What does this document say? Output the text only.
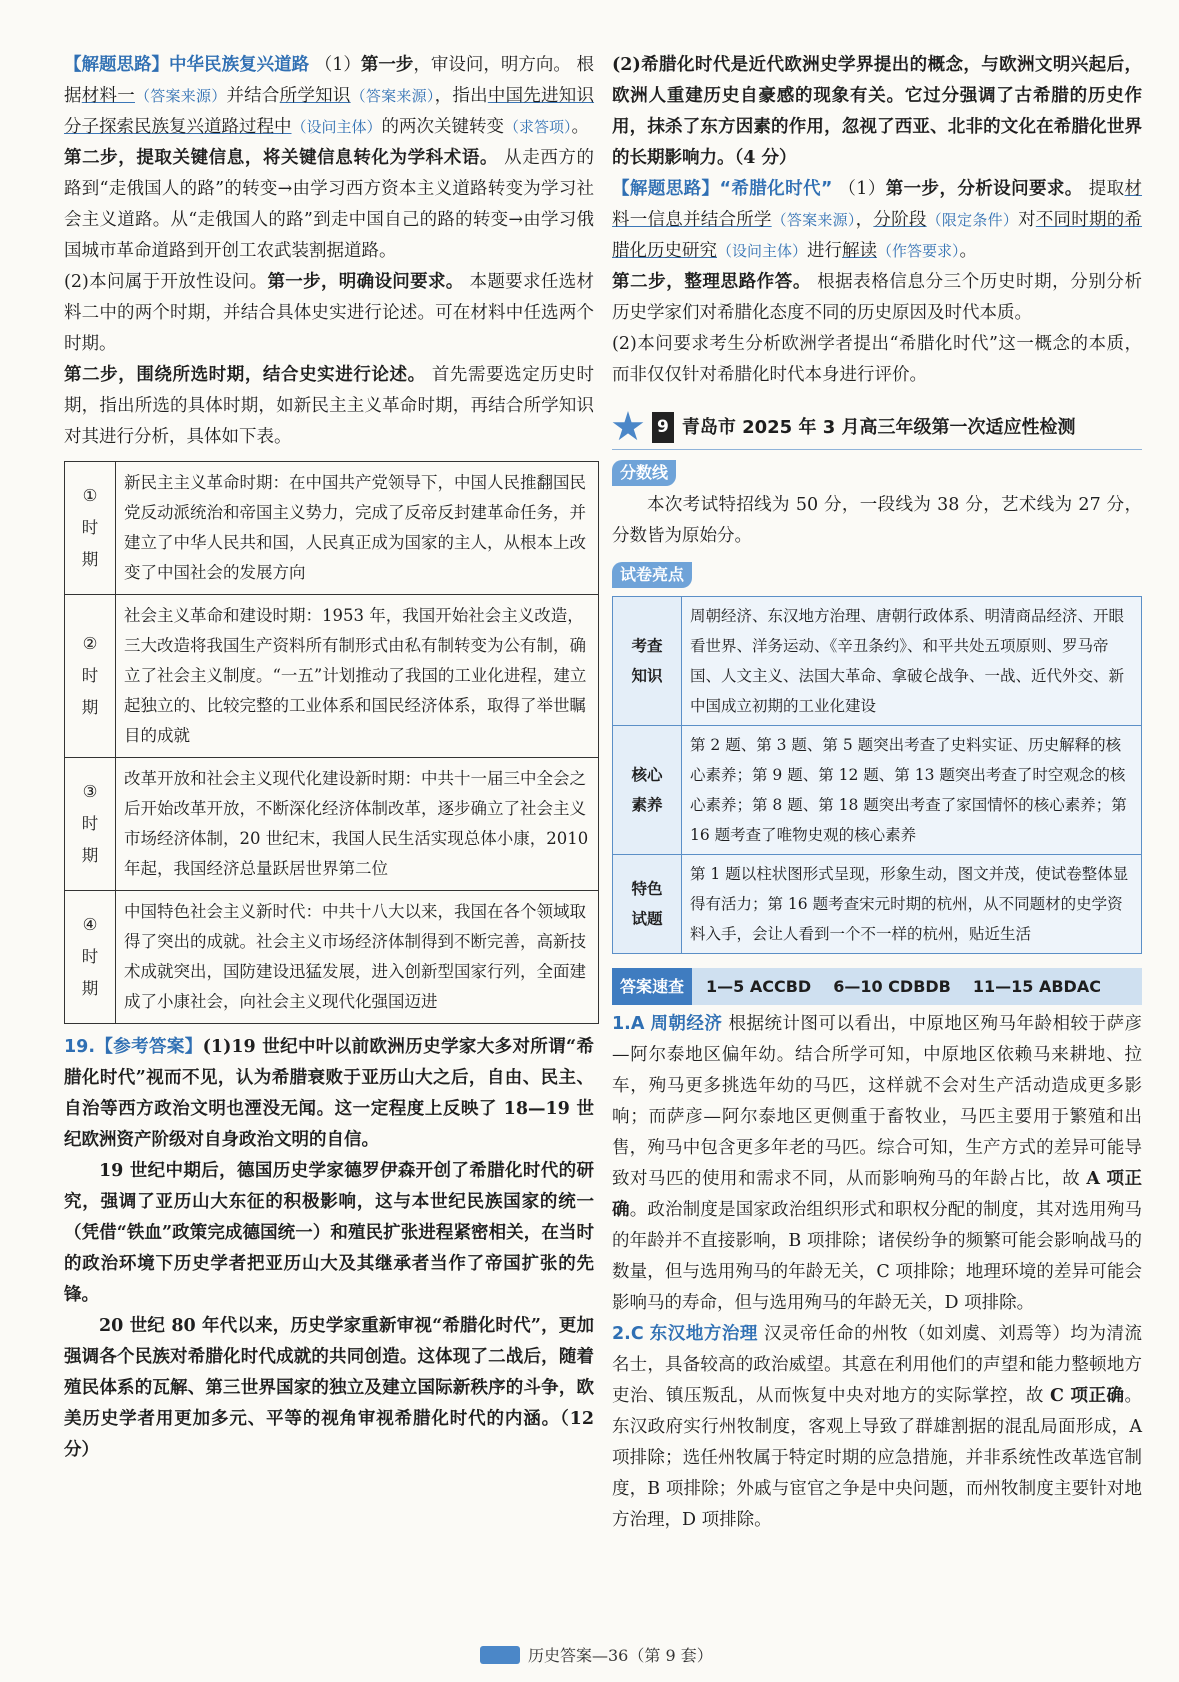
【解题思路】中华民族复兴道路 （1）第一步，审设问，明方向。 根据材料一（答案来源）并结合所学知识（答案来源），指出中国先进知识分子探索民族复兴道路过程中（设问主体）的两次关键转变（求答项）。

第二步，提取关键信息，将关键信息转化为学科术语。 从走西方的路到“走俄国人的路”的转变→由学习西方资本主义道路转变为学习社会主义道路。从“走俄国人的路”到走中国自己的路的转变→由学习俄国城市革命道路到开创工农武装割据道路。

(2)本问属于开放性设问。第一步，明确设问要求。 本题要求任选材料二中的两个时期，并结合具体史实进行论述。可在材料中任选两个时期。

第二步，围绕所选时期，结合史实进行论述。 首先需要选定历史时期，指出所选的具体时期，如新民主主义革命时期，再结合所学知识对其进行分析，具体如下表。

①
时
期	新民主主义革命时期：在中国共产党领导下，中国人民推翻国民党反动派统治和帝国主义势力，完成了反帝反封建革命任务，并建立了中华人民共和国，人民真正成为国家的主人，从根本上改变了中国社会的发展方向

②
时
期	社会主义革命和建设时期：1953 年，我国开始社会主义改造，三大改造将我国生产资料所有制形式由私有制转变为公有制，确立了社会主义制度。“一五”计划推动了我国的工业化进程，建立起独立的、比较完整的工业体系和国民经济体系，取得了举世瞩目的成就

③
时
期	改革开放和社会主义现代化建设新时期：中共十一届三中全会之后开始改革开放，不断深化经济体制改革，逐步确立了社会主义市场经济体制，20 世纪末，我国人民生活实现总体小康，2010 年起，我国经济总量跃居世界第二位

④
时
期	中国特色社会主义新时代：中共十八大以来，我国在各个领域取得了突出的成就。社会主义市场经济体制得到不断完善，高新技术成就突出，国防建设迅猛发展，进入创新型国家行列，全面建成了小康社会，向社会主义现代化强国迈进

19.【参考答案】(1)19 世纪中叶以前欧洲历史学家大多对所谓“希腊化时代”视而不见，认为希腊衰败于亚历山大之后，自由、民主、自治等西方政治文明也湮没无闻。这一定程度上反映了 18—19 世纪欧洲资产阶级对自身政治文明的自信。

19 世纪中期后，德国历史学家德罗伊森开创了希腊化时代的研究，强调了亚历山大东征的积极影响，这与本世纪民族国家的统一（凭借“铁血”政策完成德国统一）和殖民扩张进程紧密相关，在当时的政治环境下历史学者把亚历山大及其继承者当作了帝国扩张的先锋。

20 世纪 80 年代以来，历史学家重新审视“希腊化时代”，更加强调各个民族对希腊化时代成就的共同创造。这体现了二战后，随着殖民体系的瓦解、第三世界国家的独立及建立国际新秩序的斗争，欧美历史学者用更加多元、平等的视角审视希腊化时代的内涵。（12 分）

(2)希腊化时代是近代欧洲史学界提出的概念，与欧洲文明兴起后，欧洲人重建历史自豪感的现象有关。它过分强调了古希腊的历史作用，抹杀了东方因素的作用，忽视了西亚、北非的文化在希腊化世界的长期影响力。（4 分）

【解题思路】“希腊化时代” （1）第一步，分析设问要求。 提取材料一信息并结合所学（答案来源），分阶段（限定条件）对不同时期的希腊化历史研究（设问主体）进行解读（作答要求）。

第二步，整理思路作答。 根据表格信息分三个历史时期，分别分析历史学家们对希腊化态度不同的历史原因及时代本质。

(2)本问要求考生分析欧洲学者提出“希腊化时代”这一概念的本质，而非仅仅针对希腊化时代本身进行评价。

9 青岛市 2025 年 3 月高三年级第一次适应性检测
分数线

本次考试特招线为 50 分，一段线为 38 分，艺术线为 27 分，分数皆为原始分。

试卷亮点
考查
知识	周朝经济、东汉地方治理、唐朝行政体系、明清商品经济、开眼看世界、洋务运动、《辛丑条约》、和平共处五项原则、罗马帝国、人文主义、法国大革命、拿破仑战争、一战、近代外交、新中国成立初期的工业化建设

核心
素养	第 2 题、第 3 题、第 5 题突出考查了史料实证、历史解释的核心素养；第 9 题、第 12 题、第 13 题突出考查了时空观念的核心素养；第 8 题、第 18 题突出考查了家国情怀的核心素养；第 16 题考查了唯物史观的核心素养

特色
试题	第 1 题以柱状图形式呈现，形象生动，图文并茂，使试卷整体显得有活力；第 16 题考查宋元时期的杭州，从不同题材的史学资料入手，会让人看到一个不一样的杭州，贴近生活
答案速查	1—5 ACCBD 6—10 CDBDB 11—15 ABDAC

1.A 周朝经济 根据统计图可以看出，中原地区殉马年龄相较于萨彦—阿尔泰地区偏年幼。结合所学可知，中原地区依赖马来耕地、拉车，殉马更多挑选年幼的马匹，这样就不会对生产活动造成更多影响；而萨彦—阿尔泰地区更侧重于畜牧业，马匹主要用于繁殖和出售，殉马中包含更多年老的马匹。综合可知，生产方式的差异可能导致对马匹的使用和需求不同，从而影响殉马的年龄占比，故 A 项正确。政治制度是国家政治组织形式和职权分配的制度，其对选用殉马的年龄并不直接影响，B 项排除；诸侯纷争的频繁可能会影响战马的数量，但与选用殉马的年龄无关，C 项排除；地理环境的差异可能会影响马的寿命，但与选用殉马的年龄无关，D 项排除。

2.C 东汉地方治理 汉灵帝任命的州牧（如刘虞、刘焉等）均为清流名士，具备较高的政治威望。其意在利用他们的声望和能力整顿地方吏治、镇压叛乱，从而恢复中央对地方的实际掌控，故 C 项正确。东汉政府实行州牧制度，客观上导致了群雄割据的混乱局面形成，A 项排除；选任州牧属于特定时期的应急措施，并非系统性改革选官制度，B 项排除；外戚与宦官之争是中央问题，而州牧制度主要针对地方治理，D 项排除。

历史答案—36（第 9 套）
